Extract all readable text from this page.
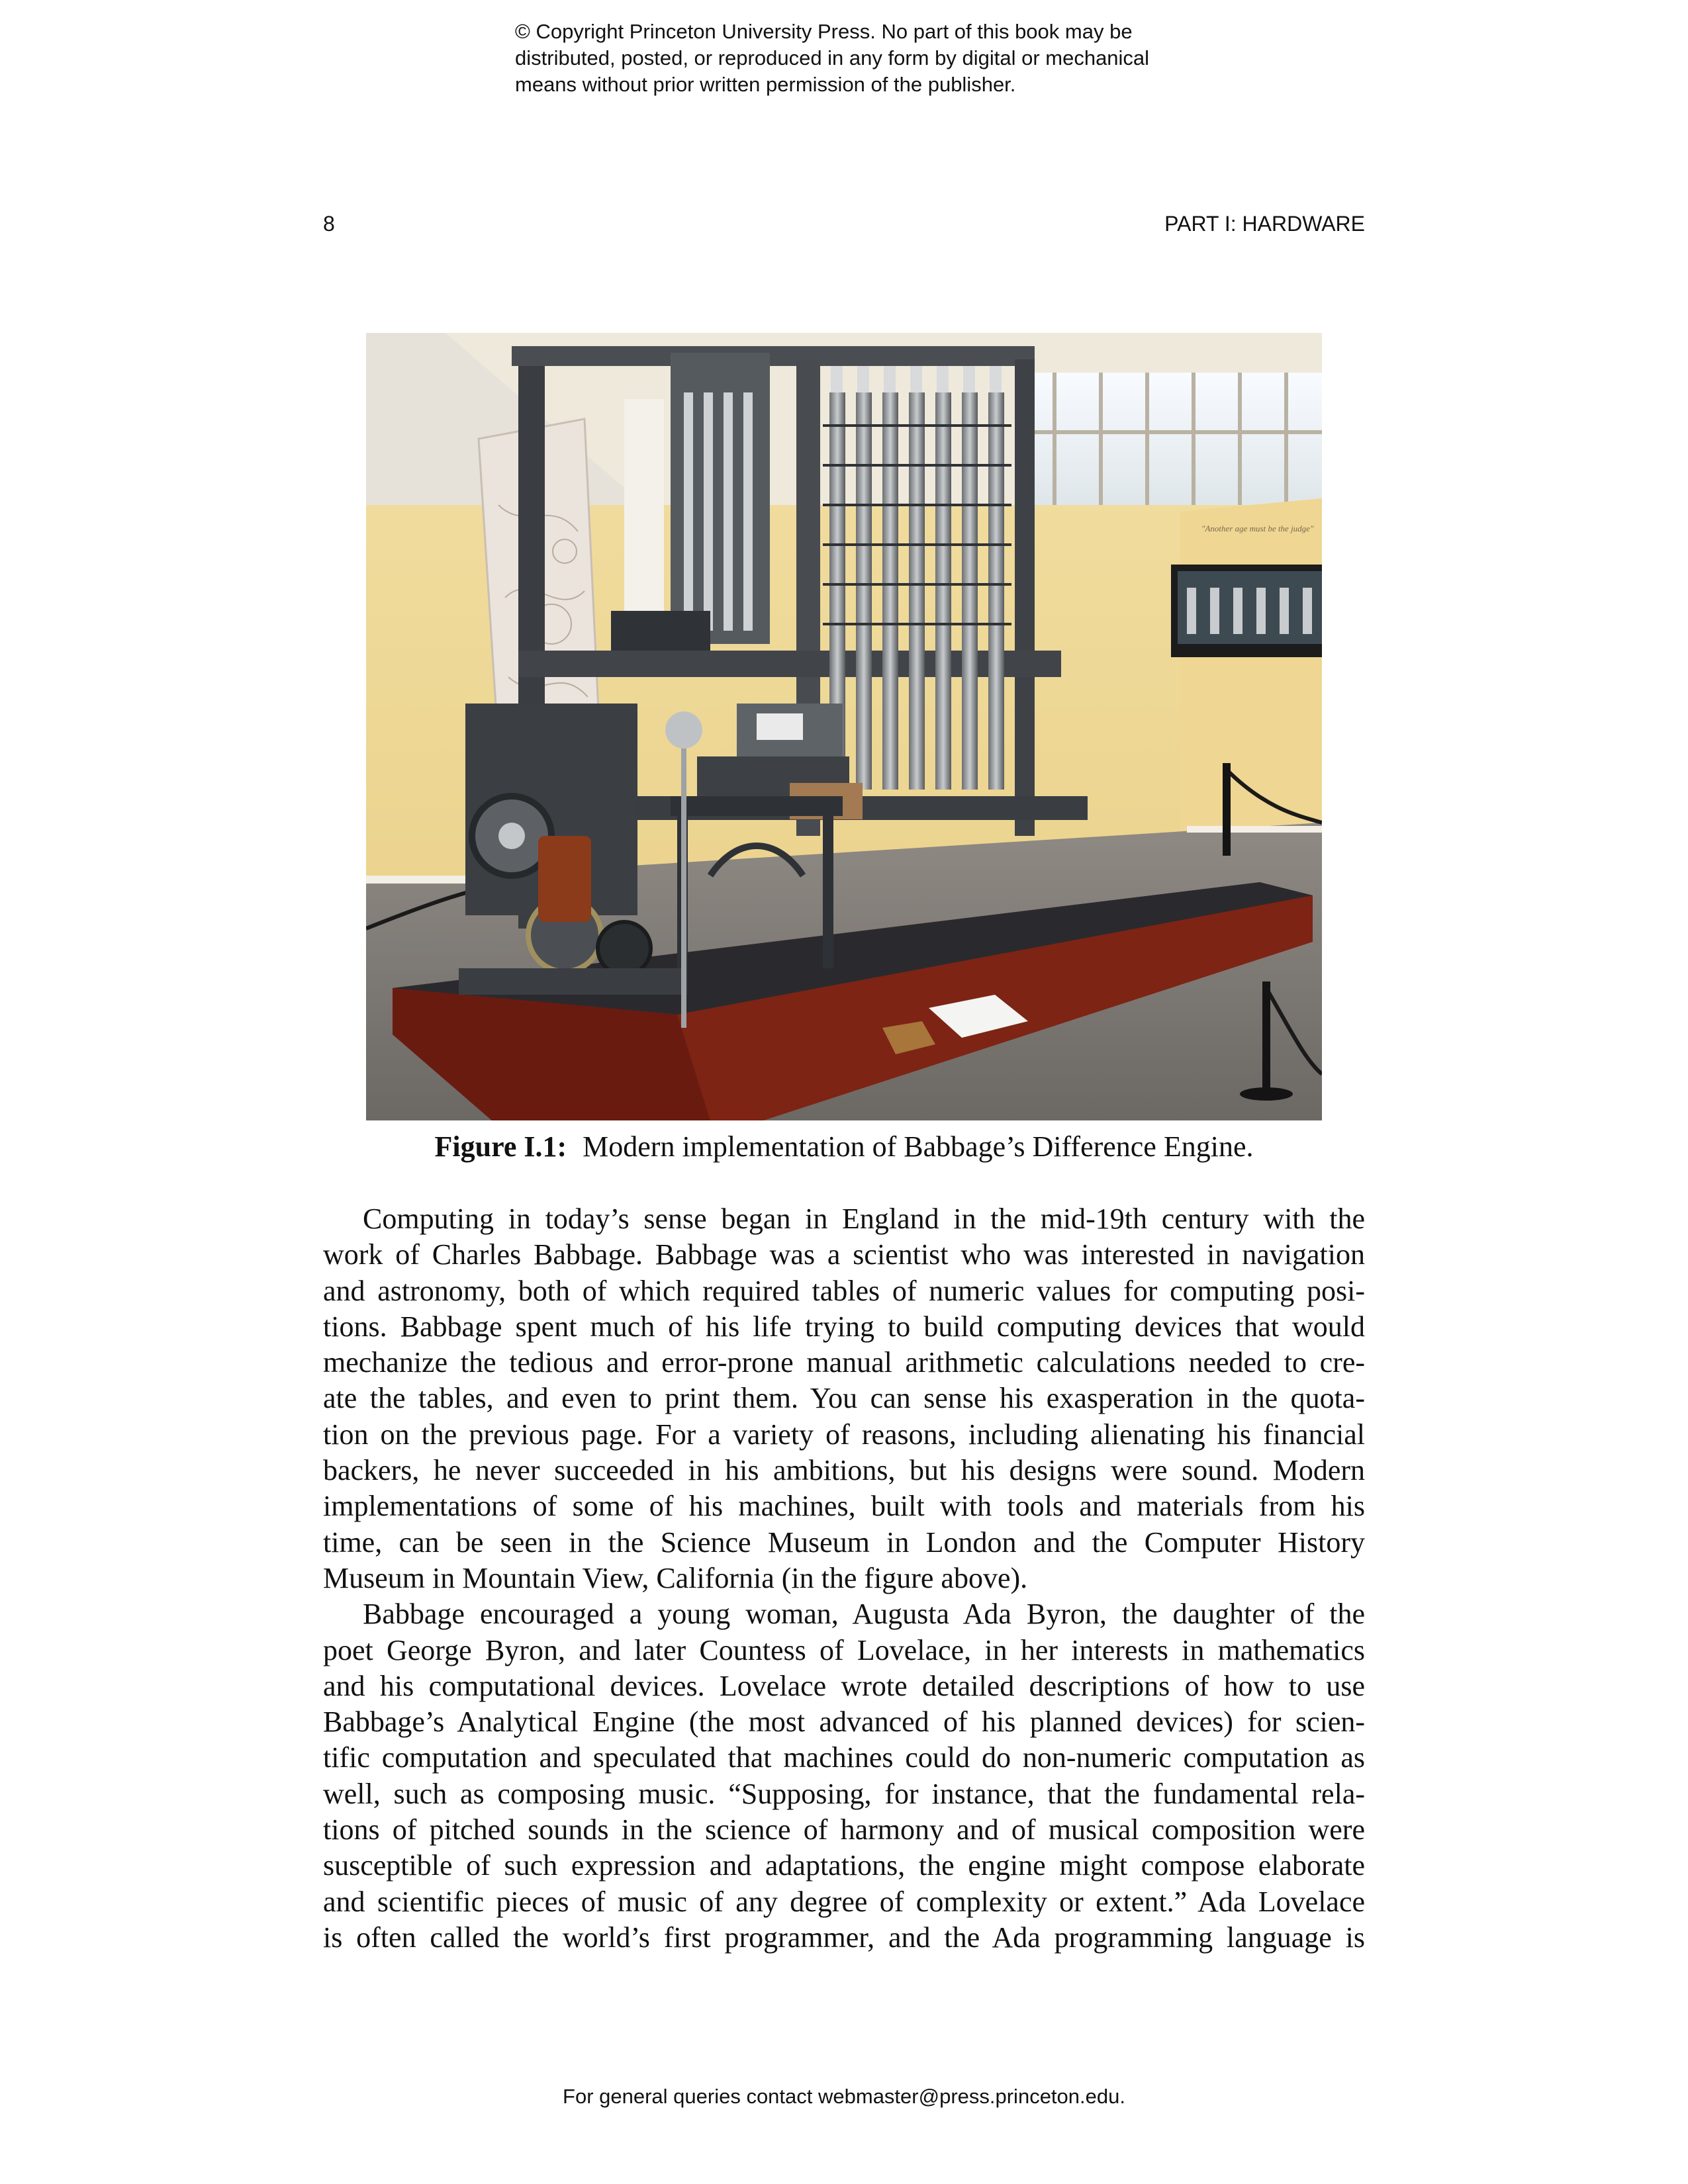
© Copyright Princeton University Press. No part of this book may be
distributed, posted, or reproduced in any form by digital or mechanical
means without prior written permission of the publisher.
8	PART I: HARDWARE
"Another age must be the judge"
Figure I.1: Modern implementation of Babbage’s Difference Engine.
Computing in today’s sense began in England in the mid-19th century with the
work of Charles Babbage. Babbage was a scientist who was interested in navigation
and astronomy, both of which required tables of numeric values for computing posi-
tions. Babbage spent much of his life trying to build computing devices that would
mechanize the tedious and error-prone manual arithmetic calculations needed to cre-
ate the tables, and even to print them. You can sense his exasperation in the quota-
tion on the previous page. For a variety of reasons, including alienating his financial
backers, he never succeeded in his ambitions, but his designs were sound. Modern
implementations of some of his machines, built with tools and materials from his
time, can be seen in the Science Museum in London and the Computer History
Museum in Mountain View, California (in the figure above).
Babbage encouraged a young woman, Augusta Ada Byron, the daughter of the
poet George Byron, and later Countess of Lovelace, in her interests in mathematics
and his computational devices. Lovelace wrote detailed descriptions of how to use
Babbage’s Analytical Engine (the most advanced of his planned devices) for scien-
tific computation and speculated that machines could do non-numeric computation as
well, such as composing music. “Supposing, for instance, that the fundamental rela-
tions of pitched sounds in the science of harmony and of musical composition were
susceptible of such expression and adaptations, the engine might compose elaborate
and scientific pieces of music of any degree of complexity or extent.” Ada Lovelace
is often called the world’s first programmer, and the Ada programming language is
For general queries contact webmaster@press.princeton.edu.
